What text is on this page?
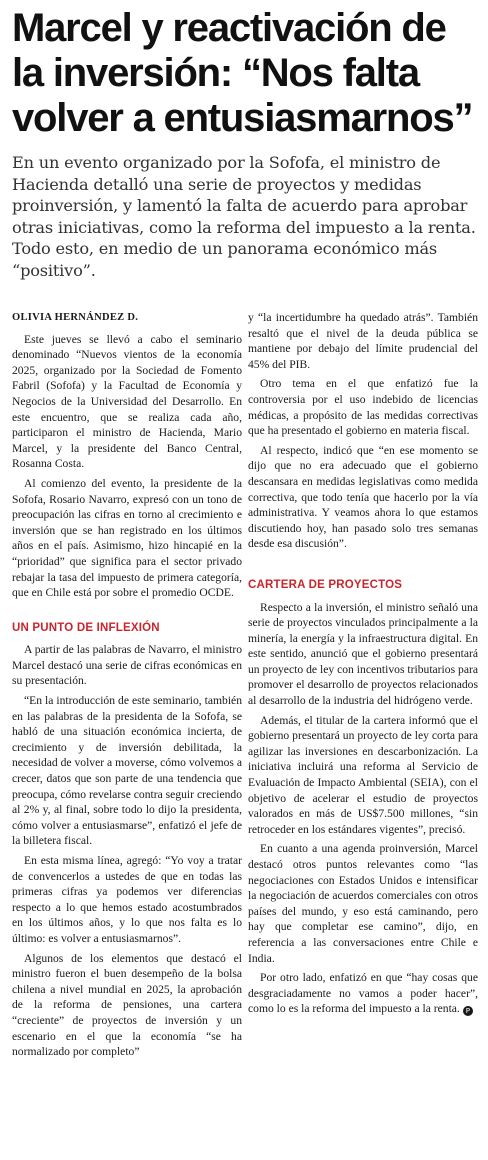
Marcel y reactivación de la inversión: “Nos falta volver a entusiasmarnos”

En un evento organizado por la Sofofa, el ministro de Hacienda detalló una serie de proyectos y medidas proinversión, y lamentó la falta de acuerdo para aprobar otras iniciativas, como la reforma del impuesto a la renta. Todo esto, en medio de un panorama económico más “positivo”.

OLIVIA HERNÁNDEZ D.

Este jueves se llevó a cabo el seminario denominado “Nuevos vientos de la economía 2025, organizado por la Sociedad de Fomento Fabril (Sofofa) y la Facultad de Economía y Negocios de la Universidad del Desarrollo. En este encuentro, que se realiza cada año, participaron el ministro de Hacienda, Mario Marcel, y la presidente del Banco Central, Rosanna Costa.

Al comienzo del evento, la presidente de la Sofofa, Rosario Navarro, expresó con un tono de preocupación las cifras en torno al crecimiento e inversión que se han registrado en los últimos años en el país. Asimismo, hizo hincapié en la “prioridad” que significa para el sector privado rebajar la tasa del impuesto de primera categoría, que en Chile está por sobre el promedio OCDE.

UN PUNTO DE INFLEXIÓN

A partir de las palabras de Navarro, el ministro Marcel destacó una serie de cifras económicas en su presentación.

“En la introducción de este seminario, también en las palabras de la presidenta de la Sofofa, se habló de una situación económica incierta, de crecimiento y de inversión debilitada, la necesidad de volver a moverse, cómo volvemos a crecer, datos que son parte de una tendencia que preocupa, cómo revelarse contra seguir creciendo al 2% y, al final, sobre todo lo dijo la presidenta, cómo volver a entusiasmarse”, enfatizó el jefe de la billetera fiscal.

En esta misma línea, agregó: “Yo voy a tratar de convencerlos a ustedes de que en todas las primeras cifras ya podemos ver diferencias respecto a lo que hemos estado acostumbrados en los últimos años, y lo que nos falta es lo último: es volver a entusiasmarnos”.

Algunos de los elementos que destacó el ministro fueron el buen desempeño de la bolsa chilena a nivel mundial en 2025, la aprobación de la reforma de pensiones, una cartera “creciente” de proyectos de inversión y un escenario en el que la economía “se ha normalizado por completo”

y “la incertidumbre ha quedado atrás”. También resaltó que el nivel de la deuda pública se mantiene por debajo del límite prudencial del 45% del PIB.

Otro tema en el que enfatizó fue la controversia por el uso indebido de licencias médicas, a propósito de las medidas correctivas que ha presentado el gobierno en materia fiscal.

Al respecto, indicó que “en ese momento se dijo que no era adecuado que el gobierno descansara en medidas legislativas como medida correctiva, que todo tenía que hacerlo por la vía administrativa. Y veamos ahora lo que estamos discutiendo hoy, han pasado solo tres semanas desde esa discusión”.

CARTERA DE PROYECTOS

Respecto a la inversión, el ministro señaló una serie de proyectos vinculados principalmente a la minería, la energía y la infraestructura digital. En este sentido, anunció que el gobierno presentará un proyecto de ley con incentivos tributarios para promover el desarrollo de proyectos relacionados al desarrollo de la industria del hidrógeno verde.

Además, el titular de la cartera informó que el gobierno presentará un proyecto de ley corta para agilizar las inversiones en descarbonización. La iniciativa incluirá una reforma al Servicio de Evaluación de Impacto Ambiental (SEIA), con el objetivo de acelerar el estudio de proyectos valorados en más de US$7.500 millones, “sin retroceder en los estándares vigentes”, precisó.

En cuanto a una agenda proinversión, Marcel destacó otros puntos relevantes como “las negociaciones con Estados Unidos e intensificar la negociación de acuerdos comerciales con otros países del mundo, y eso está caminando, pero hay que completar ese camino”, dijo, en referencia a las conversaciones entre Chile e India.

Por otro lado, enfatizó en que “hay cosas que desgraciadamente no vamos a poder hacer”, como lo es la reforma del impuesto a la renta. P
